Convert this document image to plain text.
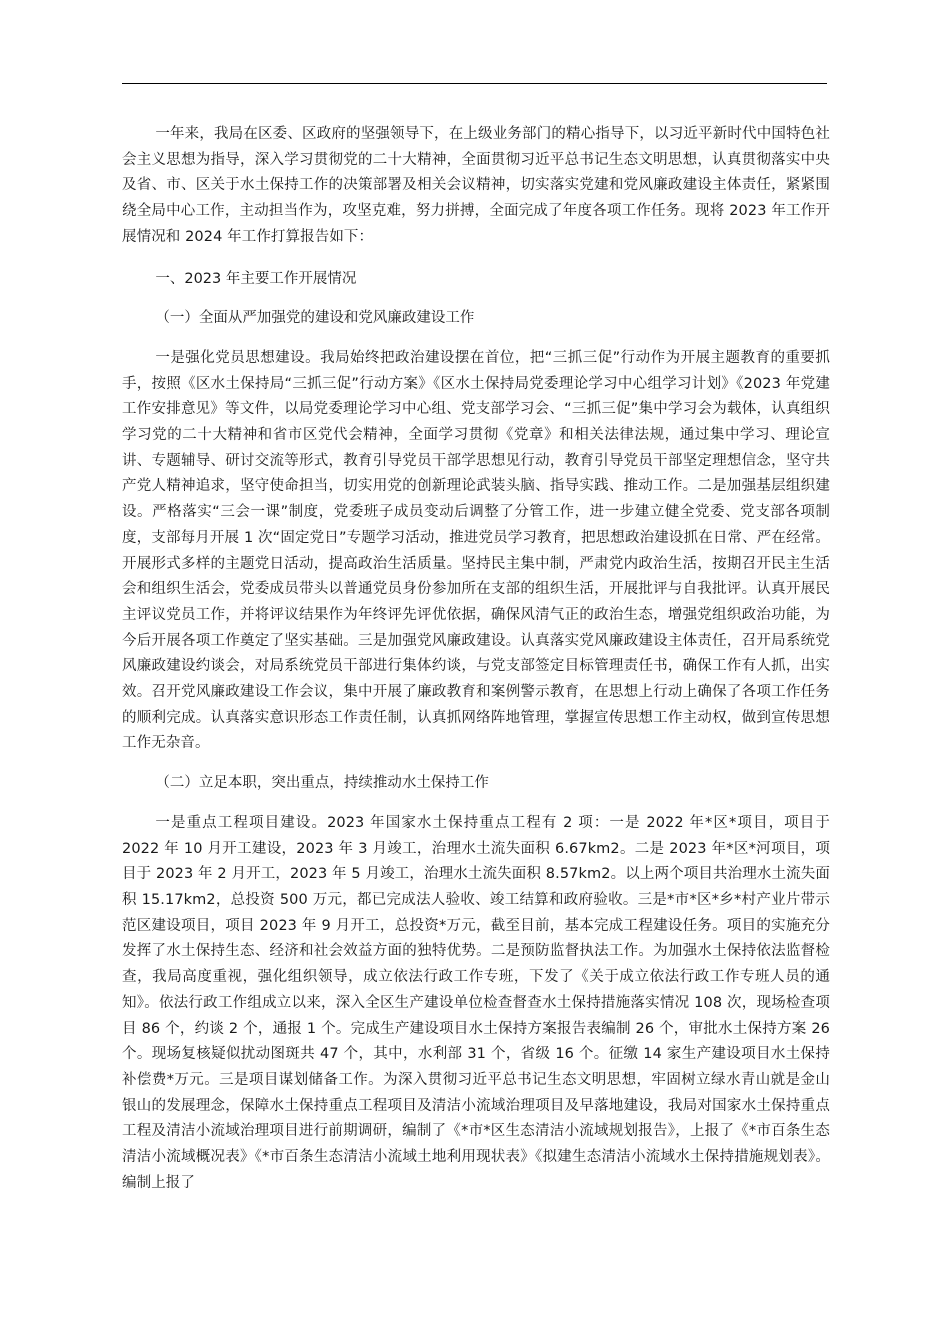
一年来，我局在区委、区政府的坚强领导下，在上级业务部门的精心指导下，以习近平新时代中国特色社会主义思想为指导，深入学习贯彻党的二十大精神，全面贯彻习近平总书记生态文明思想，认真贯彻落实中央及省、市、区关于水土保持工作的决策部署及相关会议精神，切实落实党建和党风廉政建设主体责任，紧紧围绕全局中心工作，主动担当作为，攻坚克难，努力拼搏，全面完成了年度各项工作任务。现将 2023 年工作开展情况和 2024 年工作打算报告如下：

一、2023 年主要工作开展情况

（一）全面从严加强党的建设和党风廉政建设工作

一是强化党员思想建设。我局始终把政治建设摆在首位，把“三抓三促”行动作为开展主题教育的重要抓手，按照《区水土保持局“三抓三促”行动方案》《区水土保持局党委理论学习中心组学习计划》《2023 年党建工作安排意见》等文件，以局党委理论学习中心组、党支部学习会、“三抓三促”集中学习会为载体，认真组织学习党的二十大精神和省市区党代会精神，全面学习贯彻《党章》和相关法律法规，通过集中学习、理论宣讲、专题辅导、研讨交流等形式，教育引导党员干部学思想见行动，教育引导党员干部坚定理想信念，坚守共产党人精神追求，坚守使命担当，切实用党的创新理论武装头脑、指导实践、推动工作。二是加强基层组织建设。严格落实“三会一课”制度，党委班子成员变动后调整了分管工作，进一步建立健全党委、党支部各项制度，支部每月开展 1 次“固定党日”专题学习活动，推进党员学习教育，把思想政治建设抓在日常、严在经常。开展形式多样的主题党日活动，提高政治生活质量。坚持民主集中制，严肃党内政治生活，按期召开民主生活会和组织生活会，党委成员带头以普通党员身份参加所在支部的组织生活，开展批评与自我批评。认真开展民主评议党员工作，并将评议结果作为年终评先评优依据，确保风清气正的政治生态，增强党组织政治功能，为今后开展各项工作奠定了坚实基础。三是加强党风廉政建设。认真落实党风廉政建设主体责任，召开局系统党风廉政建设约谈会，对局系统党员干部进行集体约谈，与党支部签定目标管理责任书，确保工作有人抓，出实效。召开党风廉政建设工作会议，集中开展了廉政教育和案例警示教育，在思想上行动上确保了各项工作任务的顺利完成。认真落实意识形态工作责任制，认真抓网络阵地管理，掌握宣传思想工作主动权，做到宣传思想工作无杂音。

（二）立足本职，突出重点，持续推动水土保持工作

一是重点工程项目建设。2023 年国家水土保持重点工程有 2 项：一是 2022 年*区*项目，项目于 2022 年 10 月开工建设，2023 年 3 月竣工，治理水土流失面积 6.67km2。二是 2023 年*区*河项目，项目于 2023 年 2 月开工，2023 年 5 月竣工，治理水土流失面积 8.57km2。以上两个项目共治理水土流失面积 15.17km2，总投资 500 万元，都已完成法人验收、竣工结算和政府验收。三是*市*区*乡*村产业片带示范区建设项目，项目 2023 年 9 月开工，总投资*万元，截至目前，基本完成工程建设任务。项目的实施充分发挥了水土保持生态、经济和社会效益方面的独特优势。二是预防监督执法工作。为加强水土保持依法监督检查，我局高度重视，强化组织领导，成立依法行政工作专班，下发了《关于成立依法行政工作专班人员的通知》。依法行政工作组成立以来，深入全区生产建设单位检查督查水土保持措施落实情况 108 次，现场检查项目 86 个，约谈 2 个，通报 1 个。完成生产建设项目水土保持方案报告表编制 26 个，审批水土保持方案 26 个。现场复核疑似扰动图斑共 47 个，其中，水利部 31 个，省级 16 个。征缴 14 家生产建设项目水土保持补偿费*万元。三是项目谋划储备工作。为深入贯彻习近平总书记生态文明思想，牢固树立绿水青山就是金山银山的发展理念，保障水土保持重点工程项目及清洁小流域治理项目及早落地建设，我局对国家水土保持重点工程及清洁小流域治理项目进行前期调研，编制了《*市*区生态清洁小流域规划报告》，上报了《*市百条生态清洁小流域概况表》《*市百条生态清洁小流域土地利用现状表》《拟建生态清洁小流域水土保持措施规划表》。编制上报了
